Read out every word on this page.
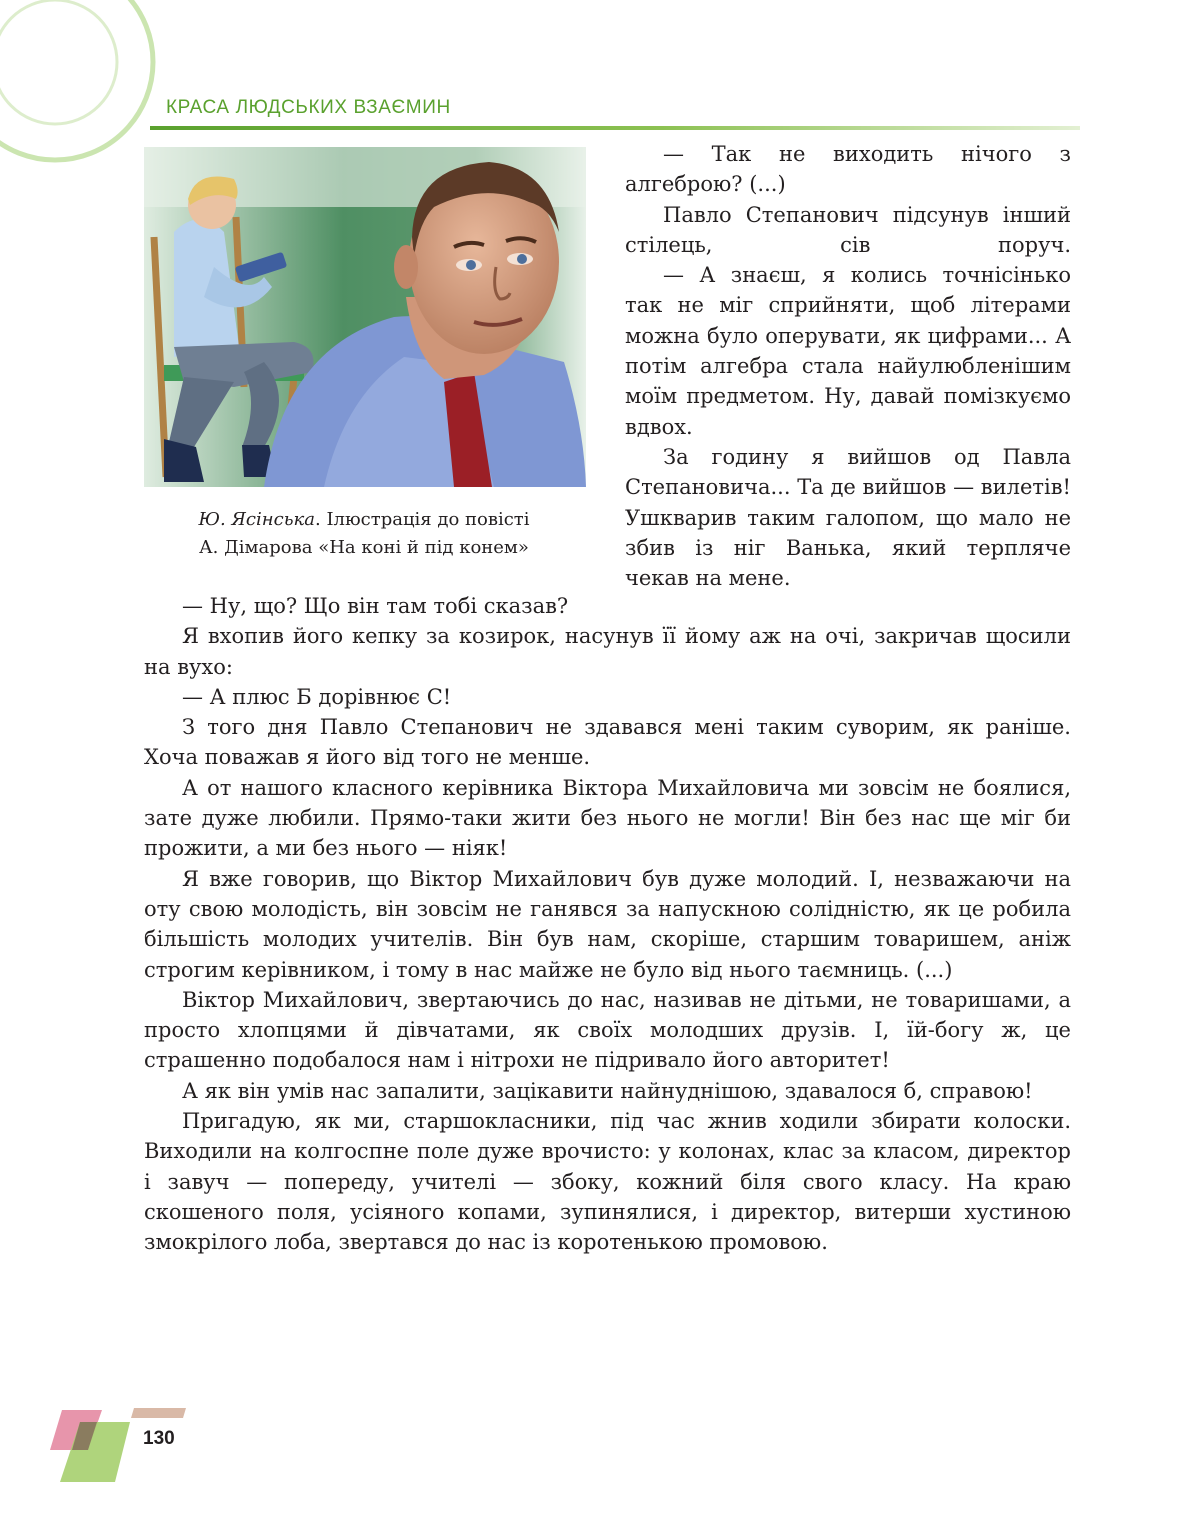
КРАСА ЛЮДСЬКИХ ВЗАЄМИН
Ю. Ясінська. Ілюстрація до повісті
А. Дімарова «На коні й під конем»

— Так не виходить нічого з алгеброю? (...)

Павло Степанович підсунув інший стілець, сів поруч.

— А знаєш, я колись точнісінько так не міг сприйняти, щоб літерами можна було оперувати, як цифрами... А потім алгебра стала найулюбленішим моїм предметом. Ну, давай помізкуємо вдвох.

За годину я вийшов од Павла Степановича... Та де вийшов — вилетів! Ушкварив таким галопом, що мало не збив із ніг Ванька, який терпляче чекав на мене.

— Ну, що? Що він там тобі сказав?

Я вхопив його кепку за козирок, насунув її йому аж на очі, закричав щосили на вухо:

— А плюс Б дорівнює С!

З того дня Павло Степанович не здавався мені таким суворим, як раніше. Хоча поважав я його від того не менше.

А от нашого класного керівника Віктора Михайловича ми зовсім не боялися, зате дуже любили. Прямо-таки жити без нього не могли! Він без нас ще міг би прожити, а ми без нього — ніяк!

Я вже говорив, що Віктор Михайлович був дуже молодий. І, незважаючи на оту свою молодість, він зовсім не ганявся за напускною солідністю, як це робила більшість молодих учителів. Він був нам, скоріше, старшим товаришем, аніж строгим керівником, і тому в нас майже не було від нього таємниць. (...)

Віктор Михайлович, звертаючись до нас, називав не дітьми, не товаришами, а просто хлопцями й дівчатами, як своїх молодших друзів. І, їй-богу ж, це страшенно подобалося нам і нітрохи не підривало його авторитет!

А як він умів нас запалити, зацікавити найнуднішою, здавалося б, справою!

Пригадую, як ми, старшокласники, під час жнив ходили збирати колоски. Виходили на колгоспне поле дуже врочисто: у колонах, клас за класом, директор і завуч — попереду, учителі — збоку, кожний біля свого класу. На краю скошеного поля, усіяного копами, зупинялися, і директор, витерши хустиною змокрілого лоба, звертався до нас із коротенькою промовою.

130
